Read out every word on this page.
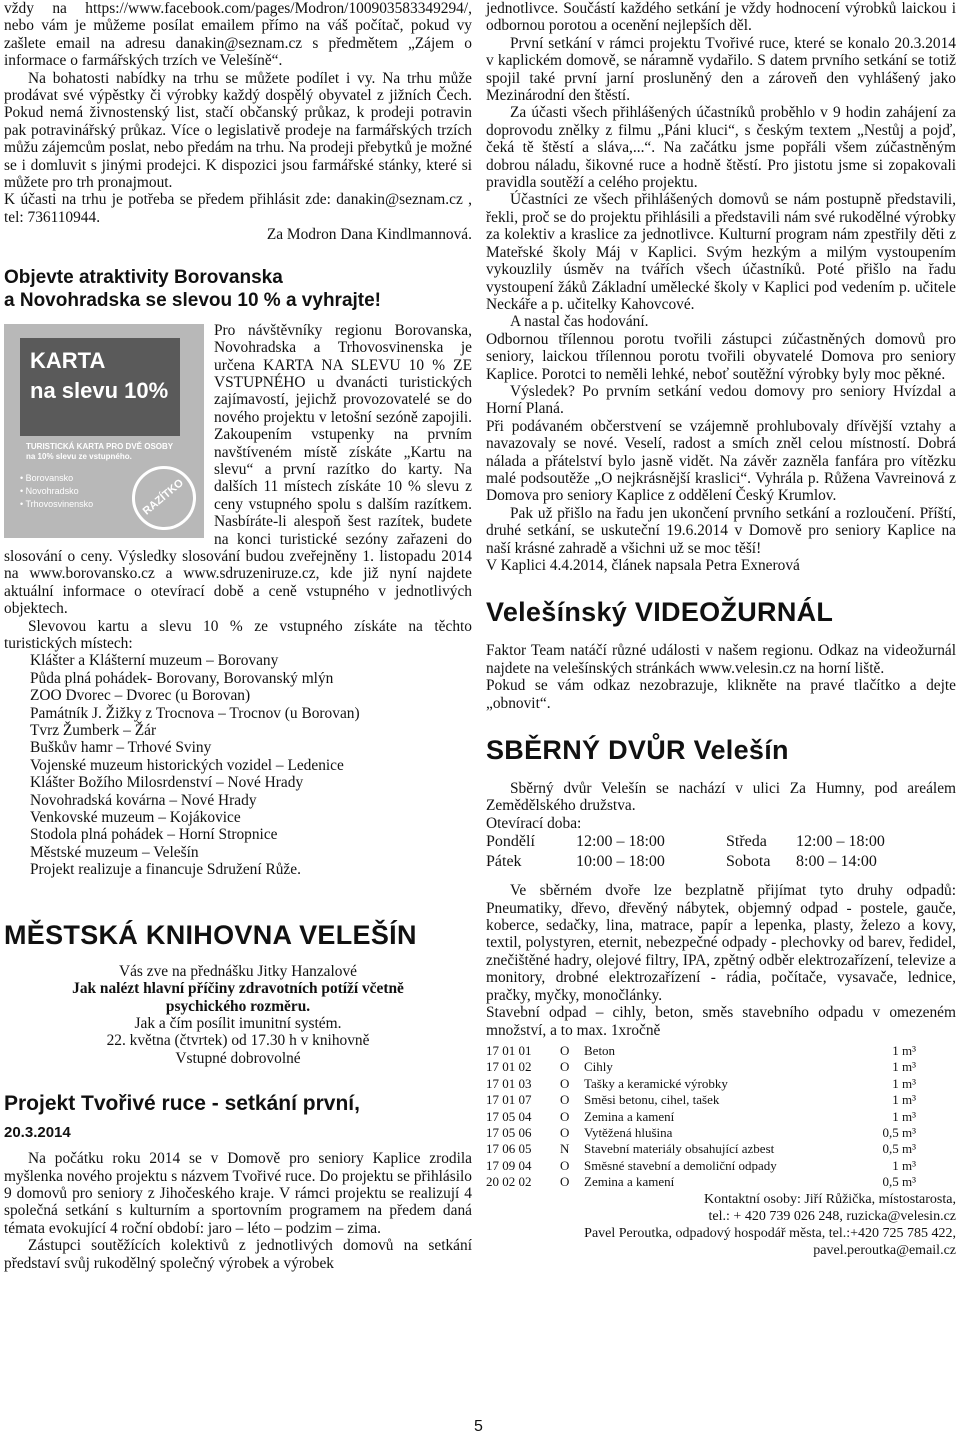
vždy na https://www.facebook.com/pages/Modron/100903583349294/, nebo vám je můžeme posílat emailem přímo na váš počítač, pokud vy zašlete email na adresu danakin@seznam.cz s předmětem „Zájem o informace o farmářských trzích ve Velešíně“.

Na bohatosti nabídky na trhu se můžete podílet i vy. Na trhu může prodávat své výpěstky či výrobky každý dospělý obyvatel z jižních Čech. Pokud nemá živnostenský list, stačí občanský průkaz, k prodeji potravin pak potravinářský průkaz. Více o legislativě prodeje na farmářských trzích můžu zájemcům poslat, nebo předám na trhu. Na prodeji přebytků je možné se i domluvit s jinými prodejci. K dispozici jsou farmářské stánky, které si můžete pro trh pronajmout.

K účasti na trhu je potřeba se předem přihlásit zde: danakin@seznam.cz , tel: 736110944.

Za Modron Dana Kindlmannová.

Objevte atraktivity Borovanska
a Novohradska se slevou 10 % a vyhrajte!
KARTA
na slevu 10%
TURISTICKÁ KARTA PRO DVĚ OSOBY
na 10% slevu ze vstupného.
• Borovansko
• Novohradsko
• Trhovosvinensko	RAZÍTKO

Pro návštěvníky regionu Borovanska, Novohradska a Trhovosvinenska je určena KARTA NA SLEVU 10 % ZE VSTUPNÉHO u dvanácti turistických zajímavostí, jejichž provozovatelé se do nového projektu v letošní sezóně zapojili. Zakoupením vstupenky na prvním navštíveném místě získáte „Kartu na slevu“ a první razítko do karty. Na dalších 11 místech získáte 10 % slevu z ceny vstupného spolu s dalším razítkem. Nasbíráte-li alespoň šest razítek, budete na konci turistické sezóny zařazeni do slosování o ceny. Výsledky slosování budou zveřejněny 1. listopadu 2014 na www.borovansko.cz a www.sdruzeniruze.cz, kde již nyní najdete aktuální informace o otevírací době a ceně vstupného v jednotlivých objektech.

Slevovou kartu a slevu 10 % ze vstupného získáte na těchto turistických místech:

Klášter a Klášterní muzeum – Borovany
Půda plná pohádek- Borovany, Borovanský mlýn
ZOO Dvorec – Dvorec (u Borovan)
Památník J. Žižky z Trocnova – Trocnov (u Borovan)
Tvrz Žumberk – Žár
Buškův hamr – Trhové Sviny
Vojenské muzeum historických vozidel – Ledenice
Klášter Božího Milosrdenství – Nové Hrady
Novohradská kovárna – Nové Hrady
Venkovské muzeum – Kojákovice
Stodola plná pohádek – Horní Stropnice
Městské muzeum – Velešín
Projekt realizuje a financuje Sdružení Růže.
MĚSTSKÁ KNIHOVNA VELEŠÍN
Vás zve na přednášku Jitky Hanzalové
Jak nalézt hlavní příčiny zdravotních potíží včetně psychického rozměru.
Jak a čím posílit imunitní systém.
22. května (čtvrtek) od 17.30 h v knihovně
Vstupné dobrovolné
Projekt Tvořivé ruce - setkání první,
20.3.2014

Na počátku roku 2014 se v Domově pro seniory Kaplice zrodila myšlenka nového projektu s názvem Tvořivé ruce. Do projektu se přihlásilo 9 domovů pro seniory z Jihočeského kraje. V rámci projektu se realizují 4 společná setkání s kulturním a sportovním programem na předem daná témata evokující 4 roční období: jaro – léto – podzim – zima.

Zástupci soutěžících kolektivů z jednotlivých domovů na setkání představí svůj rukodělný společný výrobek a výrobek

jednotlivce. Součástí každého setkání je vždy hodnocení výrobků laickou i odbornou porotou a ocenění nejlepších děl.

První setkání v rámci projektu Tvořivé ruce, které se konalo 20.3.2014 v kaplickém domově, se náramně vydařilo. S datem prvního setkání se totiž spojil také první jarní prosluněný den a zároveň den vyhlášený jako Mezinárodní den štěstí.

Za účasti všech přihlášených účastníků proběhlo v 9 hodin zahájení za doprovodu znělky z filmu „Páni kluci“, s českým textem „Nestůj a pojď, čeká tě štěstí a sláva,...“. Na začátku jsme popřáli všem zúčastněným dobrou náladu, šikovné ruce a hodně štěstí. Pro jistotu jsme si zopakovali pravidla soutěží a celého projektu.

Účastníci ze všech přihlášených domovů se nám postupně představili, řekli, proč se do projektu přihlásili a představili nám své rukodělné výrobky za kolektiv a kraslice za jednotlivce. Kulturní program nám zpestřily děti z Mateřské školy Máj v Kaplici. Svým hezkým a milým vystoupením vykouzlily úsměv na tvářích všech účastníků. Poté přišlo na řadu vystoupení žáků Základní umělecké školy v Kaplici pod vedením p. učitele Neckáře a p. učitelky Kahovcové.

A nastal čas hodování.

Odbornou třílennou porotu tvořili zástupci zúčastněných domovů pro seniory, laickou třílennou porotu tvořili obyvatelé Domova pro seniory Kaplice. Porotci to neměli lehké, neboť soutěžní výrobky byly moc pěkné.

Výsledek? Po prvním setkání vedou domovy pro seniory Hvízdal a Horní Planá.

Při podávaném občerstvení se vzájemně prohlubovaly dřívější vztahy a navazovaly se nové. Veselí, radost a smích zněl celou místností. Dobrá nálada a přátelství bylo jasně vidět. Na závěr zazněla fanfára pro vítězku malé podsoutěže „O nejkrásnější kraslici“. Vyhrála p. Růžena Vavreinová z Domova pro seniory Kaplice z oddělení Český Krumlov.

Pak už přišlo na řadu jen ukončení prvního setkání a rozloučení. Příští, druhé setkání, se uskuteční 19.6.2014 v Domově pro seniory Kaplice na naší krásné zahradě a všichni už se moc těší!

V Kaplici 4.4.2014, článek napsala Petra Exnerová

Velešínský VIDEOŽURNÁL

Faktor Team natáčí různé události v našem regionu. Odkaz na videožurnál najdete na velešínských stránkách www.velesin.cz na horní liště.

Pokud se vám odkaz nezobrazuje, klikněte na pravé tlačítko a dejte „obnovit“.

SBĚRNÝ DVŮR Velešín

Sběrný dvůr Velešín se nachází v ulici Za Humny, pod areálem Zemědělského družstva.

Otevírací doba:
Pondělí	12:00 – 18:00	Středa	12:00 – 18:00
Pátek	10:00 – 18:00	Sobota	8:00 – 14:00

Ve sběrném dvoře lze bezplatně přijímat tyto druhy odpadů: Pneumatiky, dřevo, dřevěný nábytek, objemný odpad - postele, gauče, koberce, sedačky, lina, matrace, papír a lepenka, plasty, železo a kovy, textil, polystyren, eternit, nebezpečné odpady - plechovky od barev, ředidel, znečištěné hadry, olejové filtry, IPA, zpětný odběr elektrozařízení, televize a monitory, drobné elektrozařízení - rádia, počítače, vysavače, lednice, pračky, myčky, monočlánky.

Stavební odpad – cihly, beton, směs stavebního odpadu v omezeném množství, a to max. 1xročně

17 01 01	O	Beton	1 m³
17 01 02	O	Cihly	1 m³
17 01 03	O	Tašky a keramické výrobky	1 m³
17 01 07	O	Směsi betonu, cihel, tašek	1 m³
17 05 04	O	Zemina a kamení	1 m³
17 05 06	O	Vytěžená hlušina	0,5 m³
17 06 05	N	Stavební materiály obsahující azbest	0,5 m³
17 09 04	O	Směsné stavební a demoliční odpady	1 m³
20 02 02	O	Zemina a kamení	0,5 m³
Kontaktní osoby: Jiří Růžička, místostarosta,
tel.: + 420 739 026 248, ruzicka@velesin.cz
Pavel Peroutka, odpadový hospodář města, tel.:+420 725 785 422,
pavel.peroutka@email.cz
5
